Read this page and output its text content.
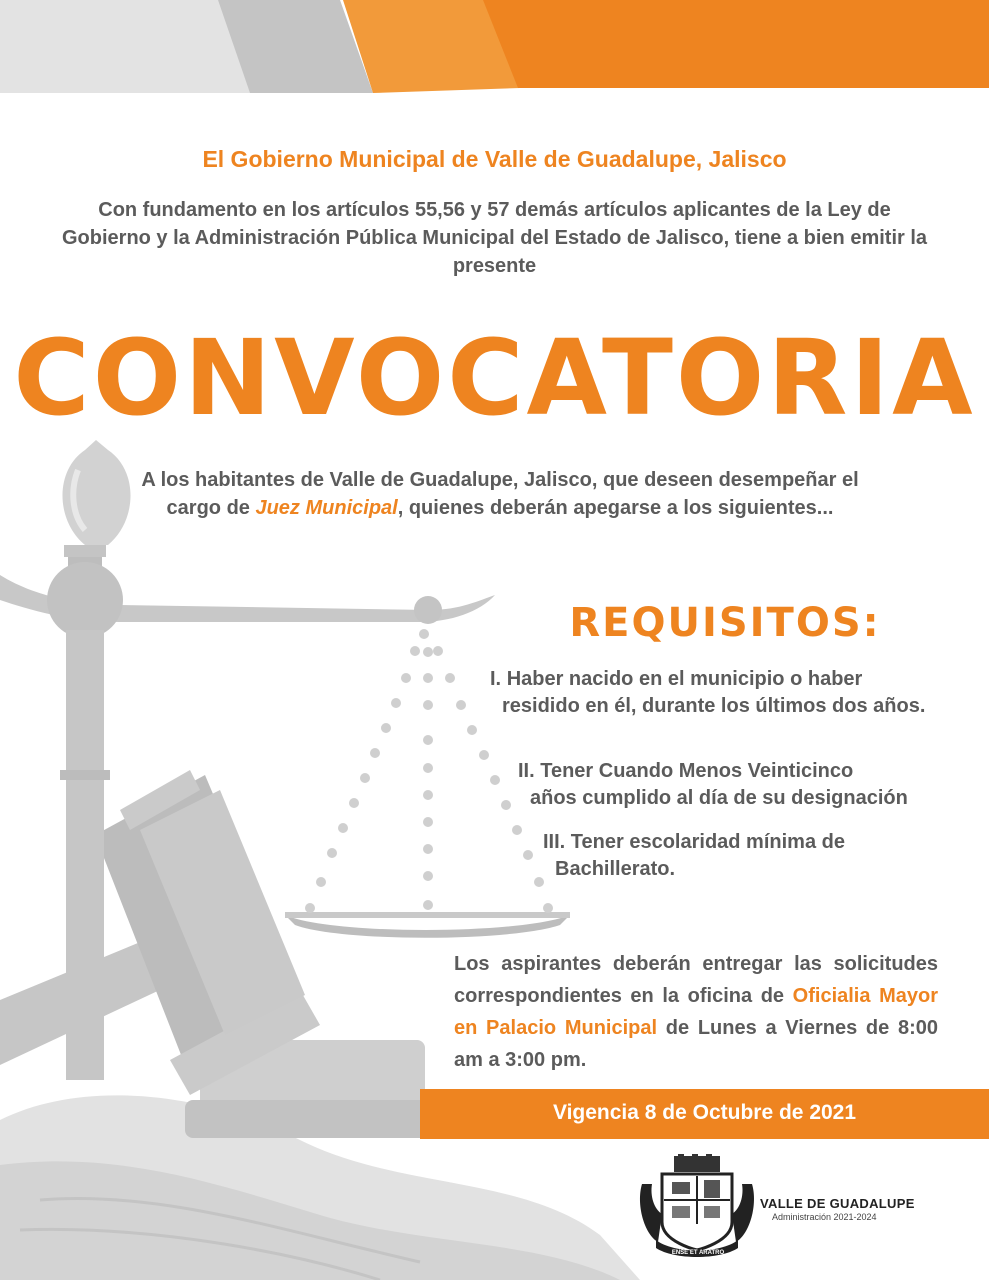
El Gobierno Municipal de Valle de Guadalupe, Jalisco
Con fundamento en los artículos 55,56 y 57 demás artículos aplicantes de la Ley de Gobierno y la Administración Pública Municipal del Estado de Jalisco, tiene a bien emitir la presente
CONVOCATORIA
A los habitantes de Valle de Guadalupe, Jalisco, que deseen desempeñar el cargo de Juez Municipal, quienes deberán apegarse a los siguientes...
REQUISITOS:
I. Haber nacido en el municipio o haber
residido en él, durante los últimos dos años.
II. Tener Cuando Menos Veinticinco
años cumplido al día de su designación
III. Tener escolaridad mínima de
Bachillerato.
Los aspirantes deberán entregar las solicitudes correspondientes en la oficina de Oficialia Mayor en Palacio Municipal de Lunes a Viernes de 8:00 am a 3:00 pm.
Vigencia 8 de Octubre de 2021
VALLE DE GUADALUPE
Administración 2021-2024
ENSE ET ARATRO
